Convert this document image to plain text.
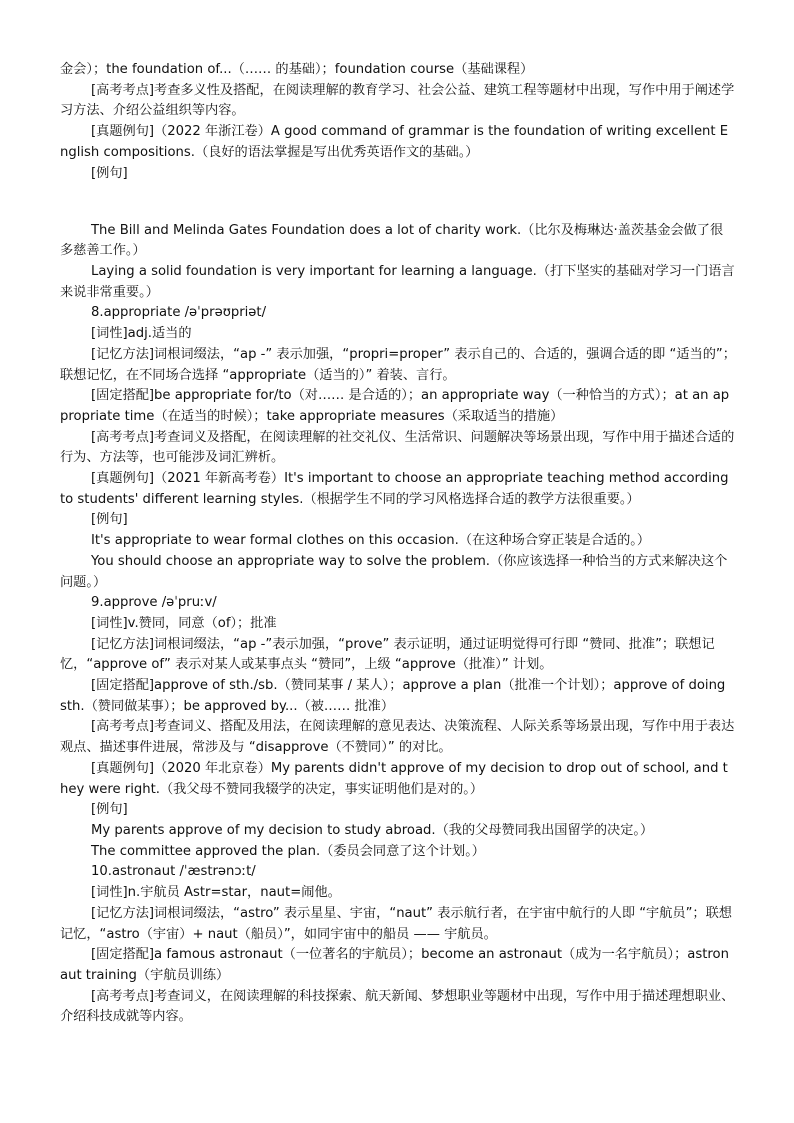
金会）；the foundation of...（…… 的基础）；foundation course（基础课程）

[高考考点]考查多义性及搭配，在阅读理解的教育学习、社会公益、建筑工程等题材中出现，写作中用于阐述学习方法、介绍公益组织等内容。

[真题例句]（2022 年浙江卷）A good command of grammar is the foundation of writing excellent English compositions.（良好的语法掌握是写出优秀英语作文的基础。）

[例句]

The Bill and Melinda Gates Foundation does a lot of charity work.（比尔及梅琳达·盖茨基金会做了很多慈善工作。）

Laying a solid foundation is very important for learning a language.（打下坚实的基础对学习一门语言来说非常重要。）

8.appropriate /əˈprəʊpriət/

[词性]adj.适当的

[记忆方法]词根词缀法，“ap -” 表示加强，“propri=proper” 表示自己的、合适的，强调合适的即 “适当的”；联想记忆，在不同场合选择 “appropriate（适当的）” 着装、言行。

[固定搭配]be appropriate for/to（对…… 是合适的）；an appropriate way（一种恰当的方式）；at an appropriate time（在适当的时候）；take appropriate measures（采取适当的措施）

[高考考点]考查词义及搭配，在阅读理解的社交礼仪、生活常识、问题解决等场景出现，写作中用于描述合适的行为、方法等，也可能涉及词汇辨析。

[真题例句]（2021 年新高考卷）It's important to choose an appropriate teaching method according to students' different learning styles.（根据学生不同的学习风格选择合适的教学方法很重要。）

[例句]

It's appropriate to wear formal clothes on this occasion.（在这种场合穿正装是合适的。）

You should choose an appropriate way to solve the problem.（你应该选择一种恰当的方式来解决这个问题。）

9.approve /əˈpruːv/

[词性]v.赞同，同意（of）；批准

[记忆方法]词根词缀法，“ap -”表示加强，“prove” 表示证明，通过证明觉得可行即 “赞同、批准”；联想记忆，“approve of” 表示对某人或某事点头 “赞同”，上级 “approve（批准）” 计划。

[固定搭配]approve of sth./sb.（赞同某事 / 某人）；approve a plan（批准一个计划）；approve of doing sth.（赞同做某事）；be approved by...（被…… 批准）

[高考考点]考查词义、搭配及用法，在阅读理解的意见表达、决策流程、人际关系等场景出现，写作中用于表达观点、描述事件进展，常涉及与 “disapprove（不赞同）” 的对比。

[真题例句]（2020 年北京卷）My parents didn't approve of my decision to drop out of school, and they were right.（我父母不赞同我辍学的决定，事实证明他们是对的。）

[例句]

My parents approve of my decision to study abroad.（我的父母赞同我出国留学的决定。）

The committee approved the plan.（委员会同意了这个计划。）

10.astronaut /ˈæstrənɔːt/

[词性]n.宇航员 Astr=star，naut=闹他。

[记忆方法]词根词缀法，“astro” 表示星星、宇宙，“naut” 表示航行者，在宇宙中航行的人即 “宇航员”；联想记忆，“astro（宇宙）+ naut（船员）”，如同宇宙中的船员 —— 宇航员。

[固定搭配]a famous astronaut（一位著名的宇航员）；become an astronaut（成为一名宇航员）；astronaut training（宇航员训练）

[高考考点]考查词义，在阅读理解的科技探索、航天新闻、梦想职业等题材中出现，写作中用于描述理想职业、介绍科技成就等内容。
